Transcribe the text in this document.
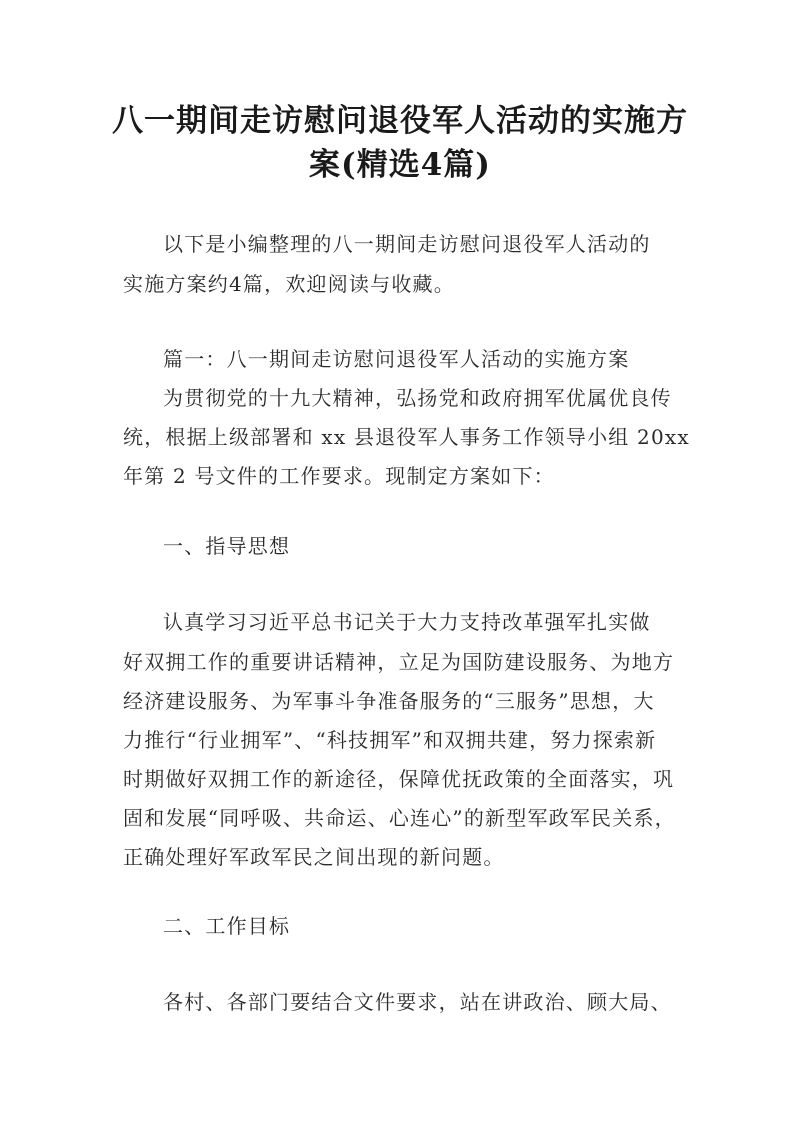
八一期间走访慰问退役军人活动的实施方
案(精选4篇)
以下是小编整理的八一期间走访慰问退役军人活动的
实施方案约4篇，欢迎阅读与收藏。
篇一：八一期间走访慰问退役军人活动的实施方案
为贯彻党的十九大精神，弘扬党和政府拥军优属优良传
统，根据上级部署和 xx 县退役军人事务工作领导小组 20xx
年第 2 号文件的工作要求。现制定方案如下：
一、指导思想
认真学习习近平总书记关于大力支持改革强军扎实做
好双拥工作的重要讲话精神，立足为国防建设服务、为地方
经济建设服务、为军事斗争准备服务的“三服务”思想，大
力推行“行业拥军”、“科技拥军”和双拥共建，努力探索新
时期做好双拥工作的新途径，保障优抚政策的全面落实，巩
固和发展“同呼吸、共命运、心连心”的新型军政军民关系，
正确处理好军政军民之间出现的新问题。
二、工作目标
各村、各部门要结合文件要求，站在讲政治、顾大局、
